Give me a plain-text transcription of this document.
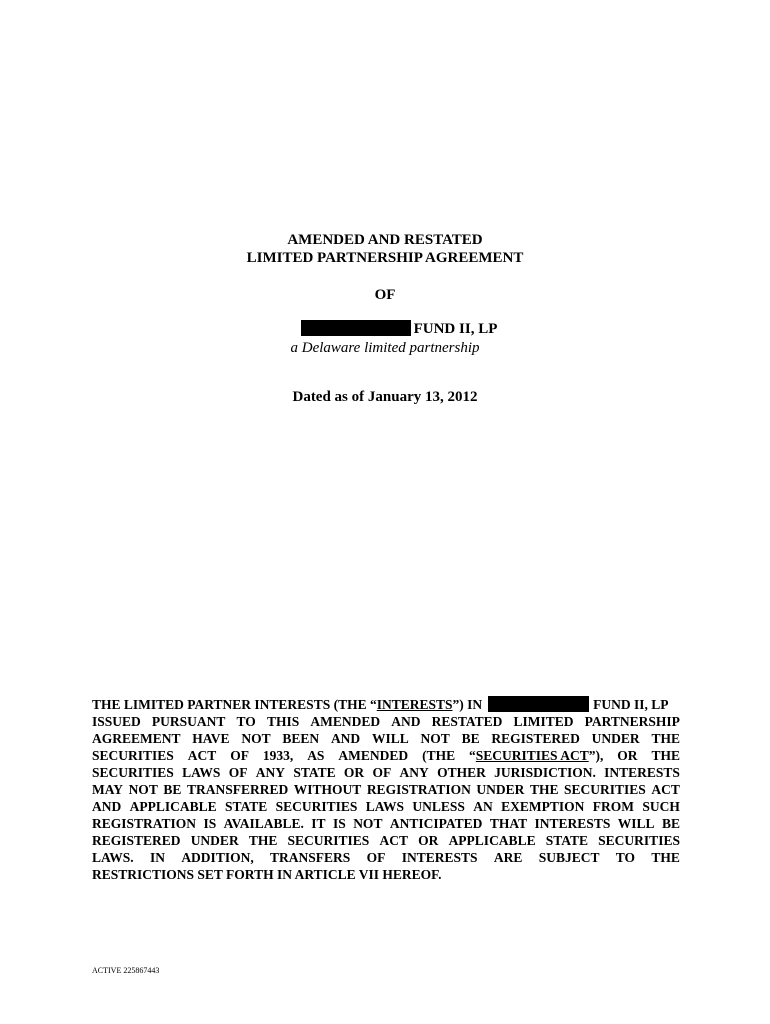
AMENDED AND RESTATED
LIMITED PARTNERSHIP AGREEMENT
OF
FUND II, LP
a Delaware limited partnership
Dated as of January 13, 2012
THE LIMITED PARTNER INTERESTS (THE “INTERESTS”) IN	FUND II, LP
ISSUED PURSUANT TO THIS AMENDED AND RESTATED LIMITED PARTNERSHIP
AGREEMENT HAVE NOT BEEN AND WILL NOT BE REGISTERED UNDER THE
SECURITIES ACT OF 1933, AS AMENDED (THE “SECURITIES ACT”), OR THE
SECURITIES LAWS OF ANY STATE OR OF ANY OTHER JURISDICTION. INTERESTS
MAY NOT BE TRANSFERRED WITHOUT REGISTRATION UNDER THE SECURITIES ACT
AND APPLICABLE STATE SECURITIES LAWS UNLESS AN EXEMPTION FROM SUCH
REGISTRATION IS AVAILABLE. IT IS NOT ANTICIPATED THAT INTERESTS WILL BE
REGISTERED UNDER THE SECURITIES ACT OR APPLICABLE STATE SECURITIES
LAWS. IN ADDITION, TRANSFERS OF INTERESTS ARE SUBJECT TO THE
RESTRICTIONS SET FORTH IN ARTICLE VII HEREOF.
ACTIVE 225867443
